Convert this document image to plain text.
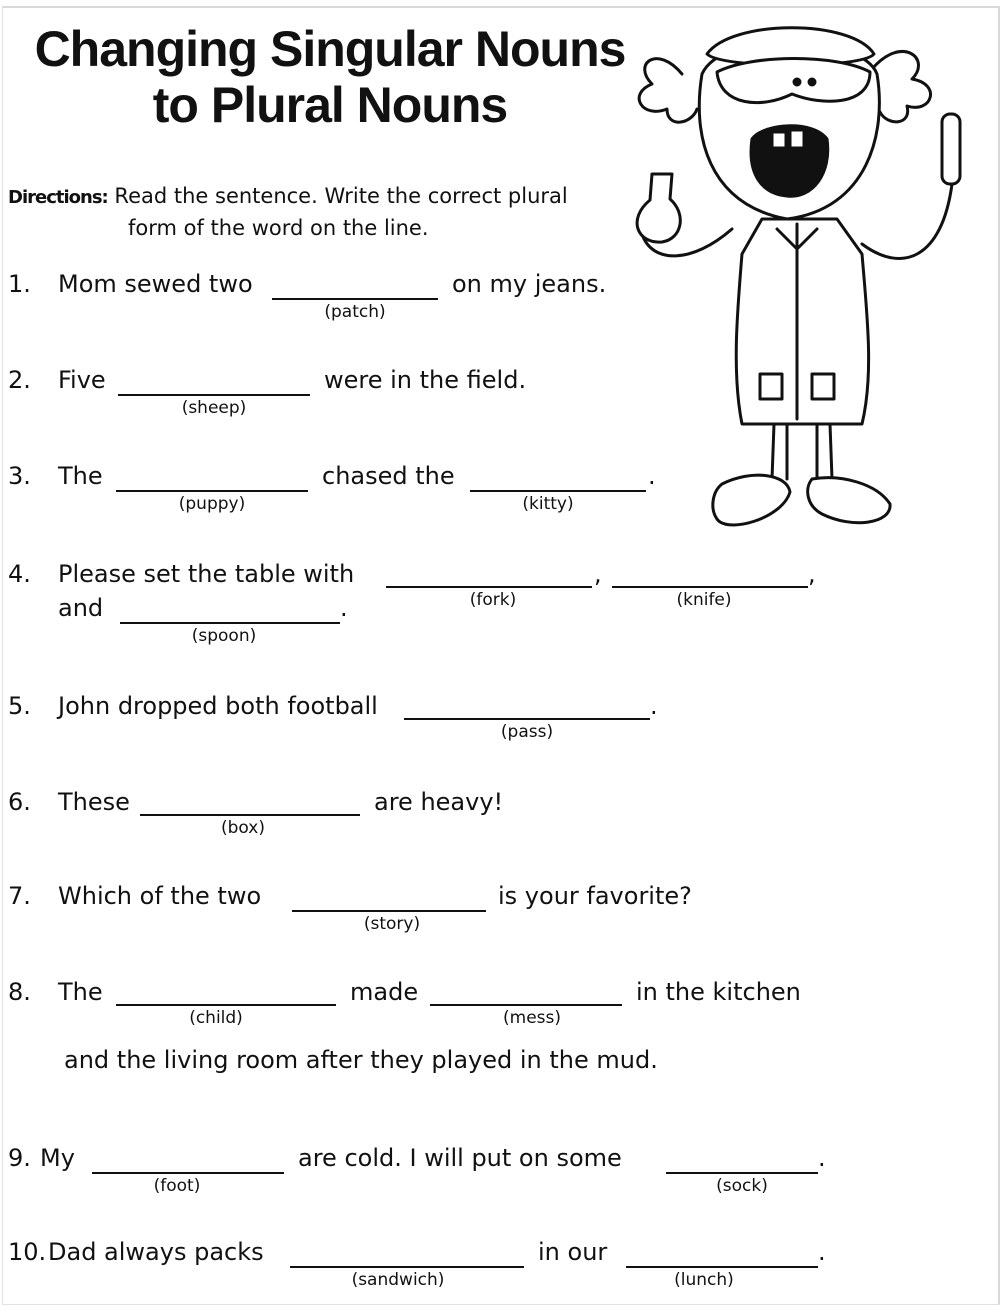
Changing Singular Nouns
to Plural Nouns
Directions: Read the sentence. Write the correct plural
form of the word on the line.
1. Mom sewed two
(patch)
on my jeans.
2. Five
(sheep)
were in the field.
3. The
(puppy)
chased the
(kitty)
.
4. Please set the table with
(fork)
,
(knife)
,
and
(spoon)
.
5. John dropped both football
(pass)
.
6. These
(box)
are heavy!
7. Which of the two
(story)
is your favorite?
8. The
(child)
made
(mess)
in the kitchen
and the living room after they played in the mud.
9. My
(foot)
are cold. I will put on some
(sock)
.
10. Dad always packs
(sandwich)
in our
(lunch)
.
